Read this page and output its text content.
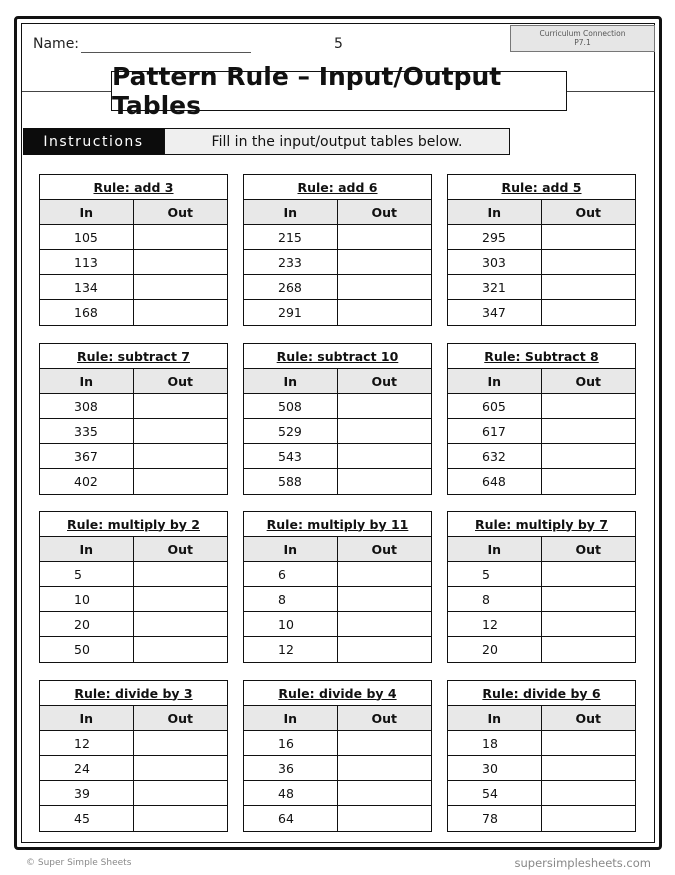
Name:	5
Curriculum Connection
P7.1
Pattern Rule – Input/Output Tables
Instructions	Fill in the input/output tables below.
Rule: add 3
In	Out
105
113
134
168
Rule: add 6
In	Out
215
233
268
291
Rule: add 5
In	Out
295
303
321
347
Rule: subtract 7
In	Out
308
335
367
402
Rule: subtract 10
In	Out
508
529
543
588
Rule: Subtract 8
In	Out
605
617
632
648
Rule: multiply by 2
In	Out
5
10
20
50
Rule: multiply by 11
In	Out
6
8
10
12
Rule: multiply by 7
In	Out
5
8
12
20
Rule: divide by 3
In	Out
12
24
39
45
Rule: divide by 4
In	Out
16
36
48
64
Rule: divide by 6
In	Out
18
30
54
78
© Super Simple Sheets	supersimplesheets.com
